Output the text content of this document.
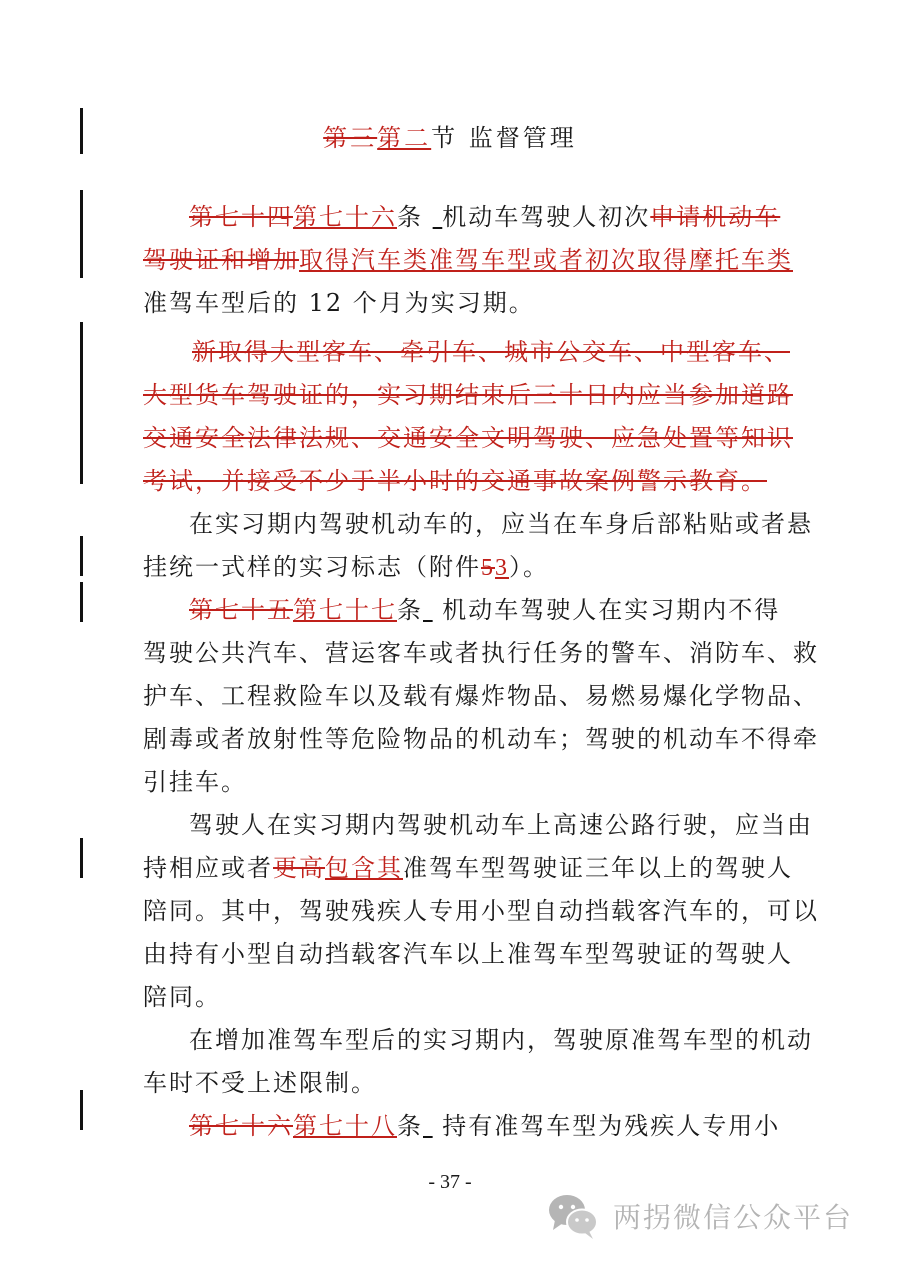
第三第二节 监督管理
第七十四第七十六条 机动车驾驶人初次申请机动车
驾驶证和增加取得汽车类准驾车型或者初次取得摩托车类
准驾车型后的 12 个月为实习期。
新取得大型客车、牵引车、城市公交车、中型客车、
大型货车驾驶证的，实习期结束后三十日内应当参加道路
交通安全法律法规、交通安全文明驾驶、应急处置等知识
考试，并接受不少于半小时的交通事故案例警示教育。
在实习期内驾驶机动车的，应当在车身后部粘贴或者悬
挂统一式样的实习标志（附件53）。
第七十五第七十七条 机动车驾驶人在实习期内不得
驾驶公共汽车、营运客车或者执行任务的警车、消防车、救
护车、工程救险车以及载有爆炸物品、易燃易爆化学物品、
剧毒或者放射性等危险物品的机动车；驾驶的机动车不得牵
引挂车。
驾驶人在实习期内驾驶机动车上高速公路行驶，应当由
持相应或者更高包含其准驾车型驾驶证三年以上的驾驶人
陪同。其中，驾驶残疾人专用小型自动挡载客汽车的，可以
由持有小型自动挡载客汽车以上准驾车型驾驶证的驾驶人
陪同。
在增加准驾车型后的实习期内，驾驶原准驾车型的机动
车时不受上述限制。
第七十六第七十八条 持有准驾车型为残疾人专用小
- 37 -
两拐微信公众平台
